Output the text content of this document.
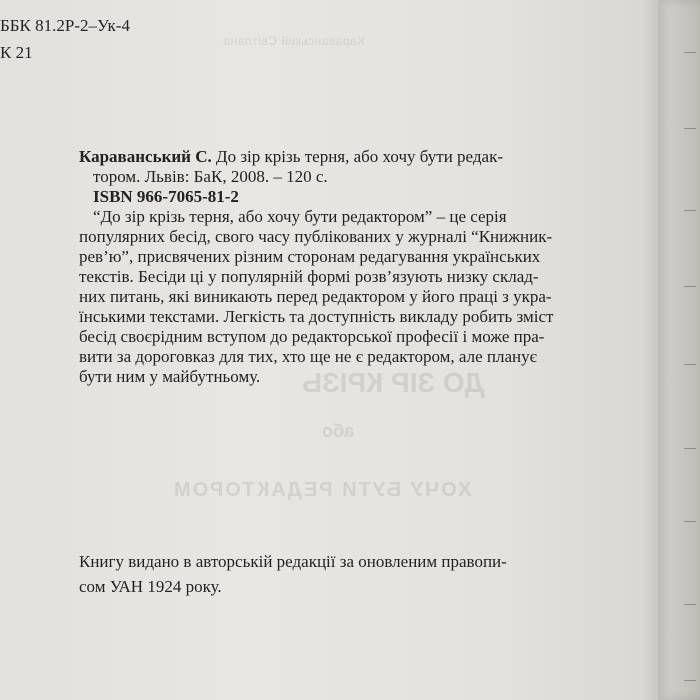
Караванський Світлана
ДО ЗІР КРІЗЬ
або
ХОЧУ БУТИ РЕДАКТОРОМ
ББК 81.2Р-2–Ук-4
К 21
Караванський С. До зір крізь терня, або хочу бути редак-
тором. Львів: БаК, 2008. – 120 с.
ISBN 966-7065-81-2
“До зір крізь терня, або хочу бути редактором” – це серія
популярних бесід, свого часу публікованих у журналі “Книжник-
рев’ю”, присвячених різним сторонам редагування українських
текстів. Бесіди ці у популярній формі розв’язують низку склад-
них питань, які виникають перед редактором у його праці з укра-
їнськими текстами. Легкість та доступність викладу робить зміст
бесід своєрідним вступом до редакторської професії і може пра-
вити за дороговказ для тих, хто ще не є редактором, але планує
бути ним у майбутньому.
Книгу видано в авторській редакції за оновленим правопи-
сом УАН 1924 року.
